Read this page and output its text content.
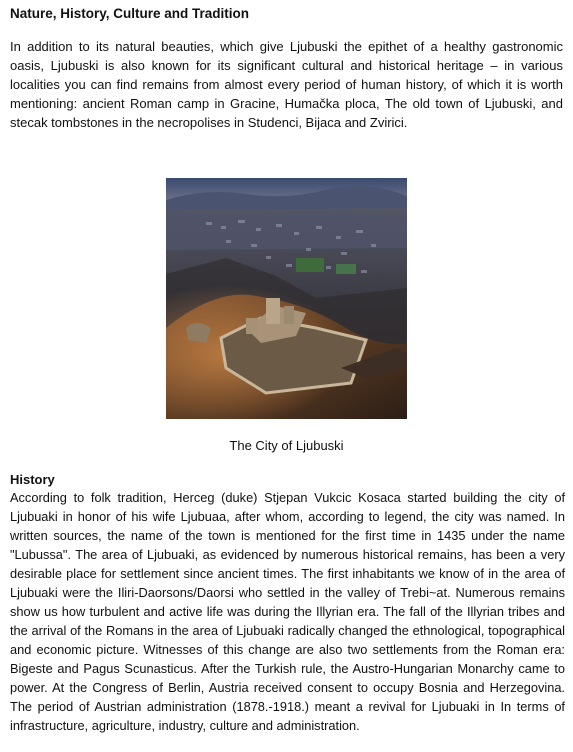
Nature, History, Culture and Tradition

In addition to its natural beauties, which give Ljubuski the epithet of a healthy gastronomic oasis, Ljubuski is also known for its significant cultural and historical heritage – in various localities you can find remains from almost every period of human history, of which it is worth mentioning: ancient Roman camp in Gracine, Humačka ploca, The old town of Ljubuski, and stecak tombstones in the necropolises in Studenci, Bijaca and Zvirici.

The City of Ljubuski
History

According to folk tradition, Herceg (duke) Stjepan Vukcic Kosaca started building the city of Ljubuaki in honor of his wife Ljubuaa, after whom, according to legend, the city was named. In written sources, the name of the town is mentioned for the first time in 1435 under the name "Lubussa". The area of Ljubuaki, as evidenced by numerous historical remains, has been a very desirable place for settlement since ancient times. The first inhabitants we know of in the area of Ljubuaki were the Iliri-Daorsons/Daorsi who settled in the valley of Trebi~at. Numerous remains show us how turbulent and active life was during the Illyrian era. The fall of the Illyrian tribes and the arrival of the Romans in the area of Ljubuaki radically changed the ethnological, topographical and economic picture. Witnesses of this change are also two settlements from the Roman era: Bigeste and Pagus Scunasticus. After the Turkish rule, the Austro-Hungarian Monarchy came to power. At the Congress of Berlin, Austria received consent to occupy Bosnia and Herzegovina. The period of Austrian administration (1878.-1918.) meant a revival for Ljubuaki in In terms of infrastructure, agriculture, industry, culture and administration.
